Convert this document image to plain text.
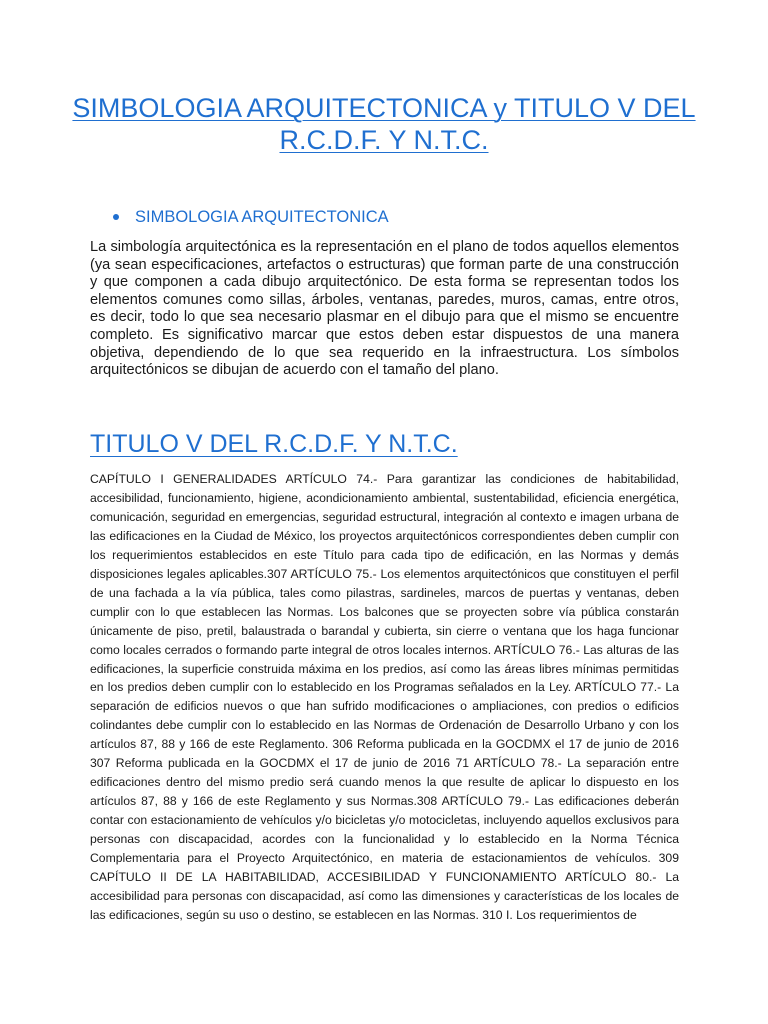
SIMBOLOGIA ARQUITECTONICA y TITULO V DEL R.C.D.F. Y N.T.C.
SIMBOLOGIA ARQUITECTONICA

La simbología arquitectónica es la representación en el plano de todos aquellos elementos (ya sean especificaciones, artefactos o estructuras) que forman parte de una construcción y que componen a cada dibujo arquitectónico. De esta forma se representan todos los elementos comunes como sillas, árboles, ventanas, paredes, muros, camas, entre otros, es decir, todo lo que sea necesario plasmar en el dibujo para que el mismo se encuentre completo. Es significativo marcar que estos deben estar dispuestos de una manera objetiva, dependiendo de lo que sea requerido en la infraestructura. Los símbolos arquitectónicos se dibujan de acuerdo con el tamaño del plano.

TITULO V DEL R.C.D.F. Y N.T.C.

CAPÍTULO I GENERALIDADES ARTÍCULO 74.- Para garantizar las condiciones de habitabilidad, accesibilidad, funcionamiento, higiene, acondicionamiento ambiental, sustentabilidad, eficiencia energética, comunicación, seguridad en emergencias, seguridad estructural, integración al contexto e imagen urbana de las edificaciones en la Ciudad de México, los proyectos arquitectónicos correspondientes deben cumplir con los requerimientos establecidos en este Título para cada tipo de edificación, en las Normas y demás disposiciones legales aplicables.307 ARTÍCULO 75.- Los elementos arquitectónicos que constituyen el perfil de una fachada a la vía pública, tales como pilastras, sardineles, marcos de puertas y ventanas, deben cumplir con lo que establecen las Normas. Los balcones que se proyecten sobre vía pública constarán únicamente de piso, pretil, balaustrada o barandal y cubierta, sin cierre o ventana que los haga funcionar como locales cerrados o formando parte integral de otros locales internos. ARTÍCULO 76.- Las alturas de las edificaciones, la superficie construida máxima en los predios, así como las áreas libres mínimas permitidas en los predios deben cumplir con lo establecido en los Programas señalados en la Ley. ARTÍCULO 77.- La separación de edificios nuevos o que han sufrido modificaciones o ampliaciones, con predios o edificios colindantes debe cumplir con lo establecido en las Normas de Ordenación de Desarrollo Urbano y con los artículos 87, 88 y 166 de este Reglamento. 306 Reforma publicada en la GOCDMX el 17 de junio de 2016 307 Reforma publicada en la GOCDMX el 17 de junio de 2016 71 ARTÍCULO 78.- La separación entre edificaciones dentro del mismo predio será cuando menos la que resulte de aplicar lo dispuesto en los artículos 87, 88 y 166 de este Reglamento y sus Normas.308 ARTÍCULO 79.- Las edificaciones deberán contar con estacionamiento de vehículos y/o bicicletas y/o motocicletas, incluyendo aquellos exclusivos para personas con discapacidad, acordes con la funcionalidad y lo establecido en la Norma Técnica Complementaria para el Proyecto Arquitectónico, en materia de estacionamientos de vehículos. 309 CAPÍTULO II DE LA HABITABILIDAD, ACCESIBILIDAD Y FUNCIONAMIENTO ARTÍCULO 80.- La accesibilidad para personas con discapacidad, así como las dimensiones y características de los locales de las edificaciones, según su uso o destino, se establecen en las Normas. 310 I. Los requerimientos de
